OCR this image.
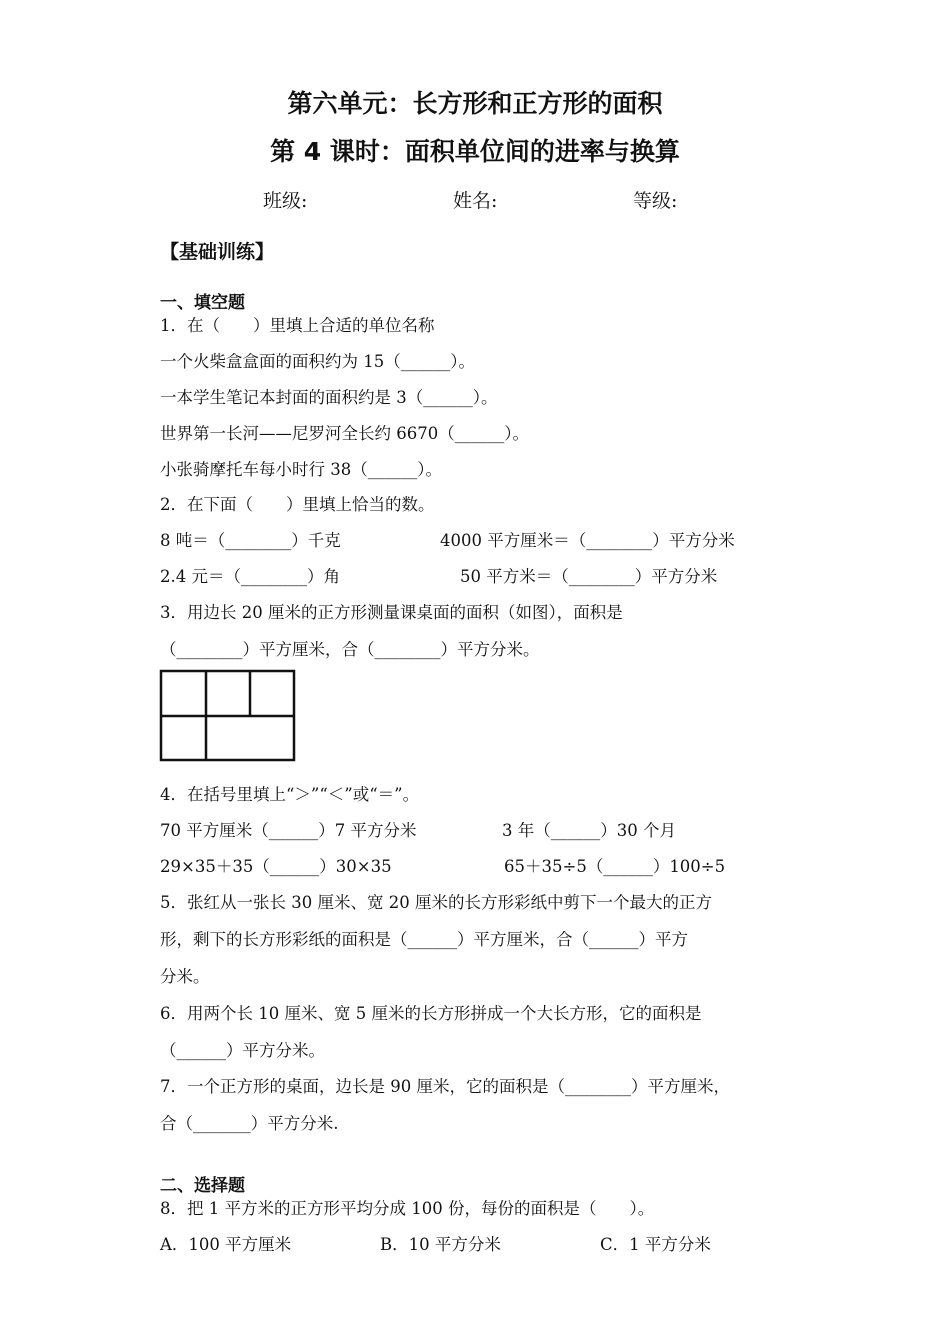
第六单元：长方形和正方形的面积
第 4 课时：面积单位间的进率与换算
班级:	姓名:	等级:
【基础训练】
一、填空题
1．在（　　）里填上合适的单位名称
一个火柴盒盒面的面积约为 15（______）。
一本学生笔记本封面的面积约是 3（______）。
世界第一长河——尼罗河全长约 6670（______）。
小张骑摩托车每小时行 38（______）。
2．在下面（　　）里填上恰当的数。
8 吨＝（________）千克	4000 平方厘米＝（________）平方分米
2.4 元＝（________）角	50 平方米＝（________）平方分米
3．用边长 20 厘米的正方形测量课桌面的面积（如图），面积是
（________）平方厘米，合（________）平方分米。
4．在括号里填上“＞”“＜”或“＝”。
70 平方厘米（______）7 平方分米	3 年（______）30 个月
29×35＋35（______）30×35	65＋35÷5（______）100÷5
5．张红从一张长 30 厘米、宽 20 厘米的长方形彩纸中剪下一个最大的正方
形，剩下的长方形彩纸的面积是（______）平方厘米，合（______）平方
分米。
6．用两个长 10 厘米、宽 5 厘米的长方形拼成一个大长方形，它的面积是
（______）平方分米。
7．一个正方形的桌面，边长是 90 厘米，它的面积是（________）平方厘米，
合（_______）平方分米.
二、选择题
8．把 1 平方米的正方形平均分成 100 份，每份的面积是（　　）。
A．100 平方厘米	B．10 平方分米	C．1 平方分米
